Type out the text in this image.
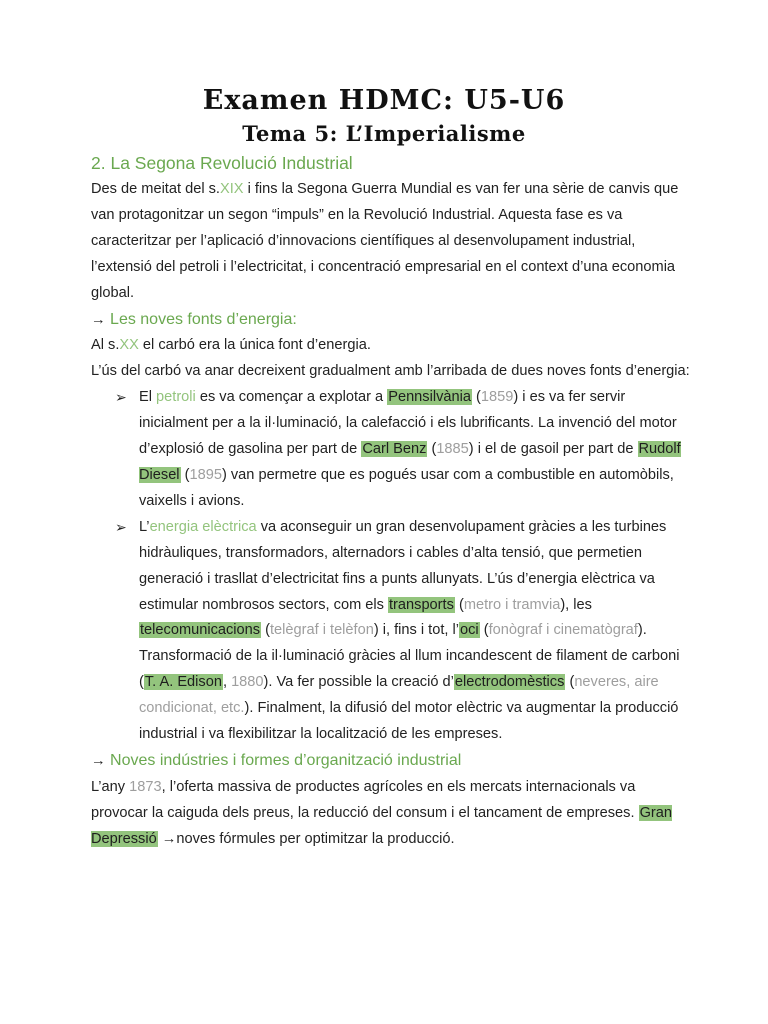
Examen HDMC: U5-U6
Tema 5: L’Imperialisme

2. La Segona Revolució Industrial

Des de meitat del s.XIX i fins la Segona Guerra Mundial es van fer una sèrie de canvis que van protagonitzar un segon “impuls” en la Revolució Industrial. Aquesta fase es va caracteritzar per l’aplicació d’innovacions científiques al desenvolupament industrial, l’extensió del petroli i l’electricitat, i concentració empresarial en el context d’una economia global.

→ Les noves fonts d’energia:

Al s.XX el carbó era la única font d’energia.

L’ús del carbó va anar decreixent gradualment amb l’arribada de dues noves fonts d’energia:

➢ El petroli es va començar a explotar a Pennsilvània (1859) i es va fer servir inicialment per a la il·luminació, la calefacció i els lubrificants. La invenció del motor d’explosió de gasolina per part de Carl Benz (1885) i el de gasoil per part de Rudolf Diesel (1895) van permetre que es pogués usar com a combustible en automòbils, vaixells i avions.
➢ L’energia elèctrica va aconseguir un gran desenvolupament gràcies a les turbines hidràuliques, transformadors, alternadors i cables d’alta tensió, que permetien generació i trasllat d’electricitat fins a punts allunyats. L’ús d’energia elèctrica va estimular nombrosos sectors, com els transports (metro i tramvia), les telecomunicacions (telègraf i telèfon) i, fins i tot, l’oci (fonògraf i cinematògraf).

Transformació de la il·luminació gràcies al llum incandescent de filament de carboni (T. A. Edison, 1880). Va fer possible la creació d’electrodomèstics (neveres, aire condicionat, etc.). Finalment, la difusió del motor elèctric va augmentar la producció industrial i va flexibilitzar la localització de les empreses.

→ Noves indústries i formes d’organització industrial

L’any 1873, l’oferta massiva de productes agrícoles en els mercats internacionals va provocar la caiguda dels preus, la reducció del consum i el tancament de empreses. Gran Depressió →noves fórmules per optimitzar la producció.
